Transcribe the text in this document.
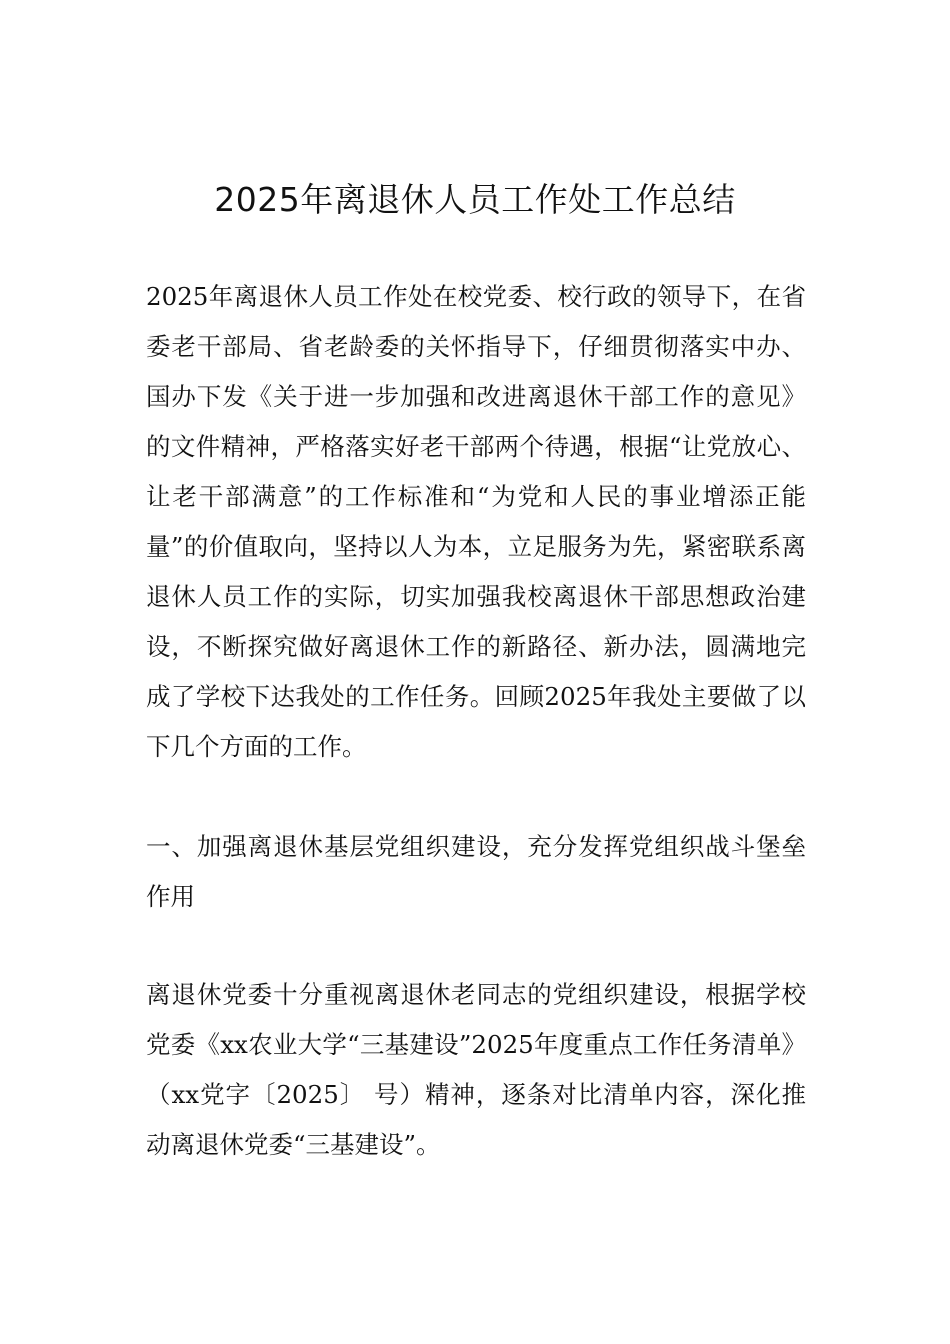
2025年离退休人员工作处工作总结

2025年离退休人员工作处在校党委、校行政的领导下，在省委老干部局、省老龄委的关怀指导下，仔细贯彻落实中办、国办下发《关于进一步加强和改进离退休干部工作的意见》的文件精神，严格落实好老干部两个待遇，根据“让党放心、让老干部满意”的工作标准和“为党和人民的事业增添正能量”的价值取向，坚持以人为本，立足服务为先，紧密联系离退休人员工作的实际，切实加强我校离退休干部思想政治建设，不断探究做好离退休工作的新路径、新办法，圆满地完成了学校下达我处的工作任务。回顾2025年我处主要做了以下几个方面的工作。

一、加强离退休基层党组织建设，充分发挥党组织战斗堡垒作用

离退休党委十分重视离退休老同志的党组织建设，根据学校党委《xx农业大学“三基建设”2025年度重点工作任务清单》（xx党字〔2025〕 号）精神，逐条对比清单内容，深化推动离退休党委“三基建设”。
